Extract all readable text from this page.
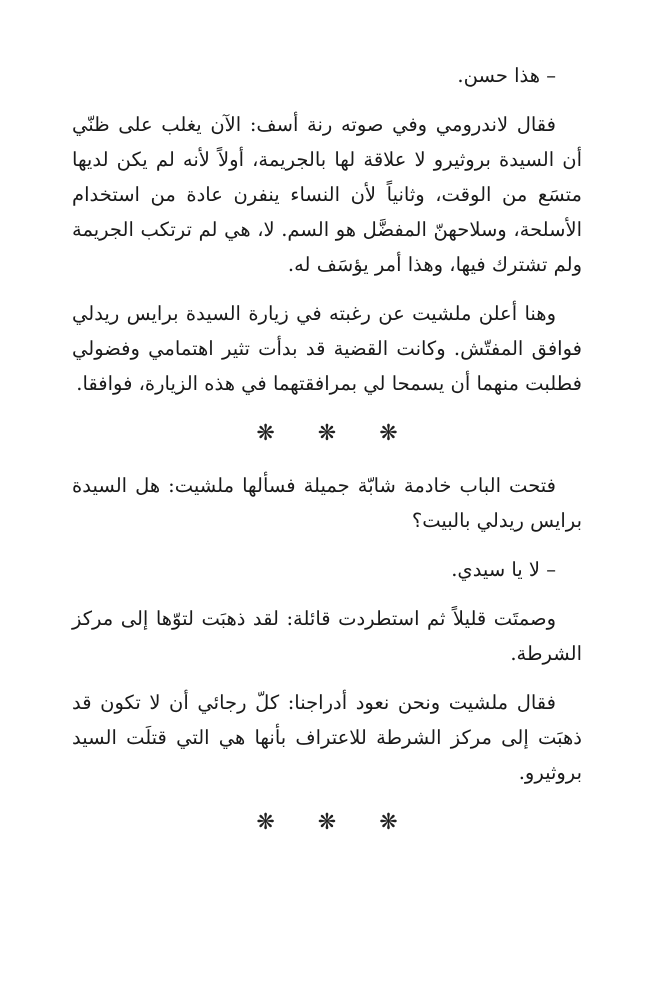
– هذا حسن.

فقال لاندرومي وفي صوته رنة أسف: الآن يغلب على ظنّي أن السيدة بروثيرو لا علاقة لها بالجريمة، أولاً لأنه لم يكن لديها متسَع من الوقت، وثانياً لأن النساء ينفرن عادة من استخدام الأسلحة، وسلاحهنّ المفضَّل هو السم. لا، هي لم ترتكب الجريمة ولم تشترك فيها، وهذا أمر يؤسَف له.

وهنا أعلن ملشيت عن رغبته في زيارة السيدة برايس ريدلي فوافق المفتّش. وكانت القضية قد بدأت تثير اهتمامي وفضولي فطلبت منهما أن يسمحا لي بمرافقتهما في هذه الزيارة، فوافقا.

❋ ❋ ❋

فتحت الباب خادمة شابّة جميلة فسألها ملشيت: هل السيدة برايس ريدلي بالبيت؟

– لا يا سيدي.

وصمتَت قليلاً ثم استطردت قائلة: لقد ذهبَت لتوّها إلى مركز الشرطة.

فقال ملشيت ونحن نعود أدراجنا: كلّ رجائي أن لا تكون قد ذهبَت إلى مركز الشرطة للاعتراف بأنها هي التي قتلَت السيد بروثيرو.

❋ ❋ ❋
